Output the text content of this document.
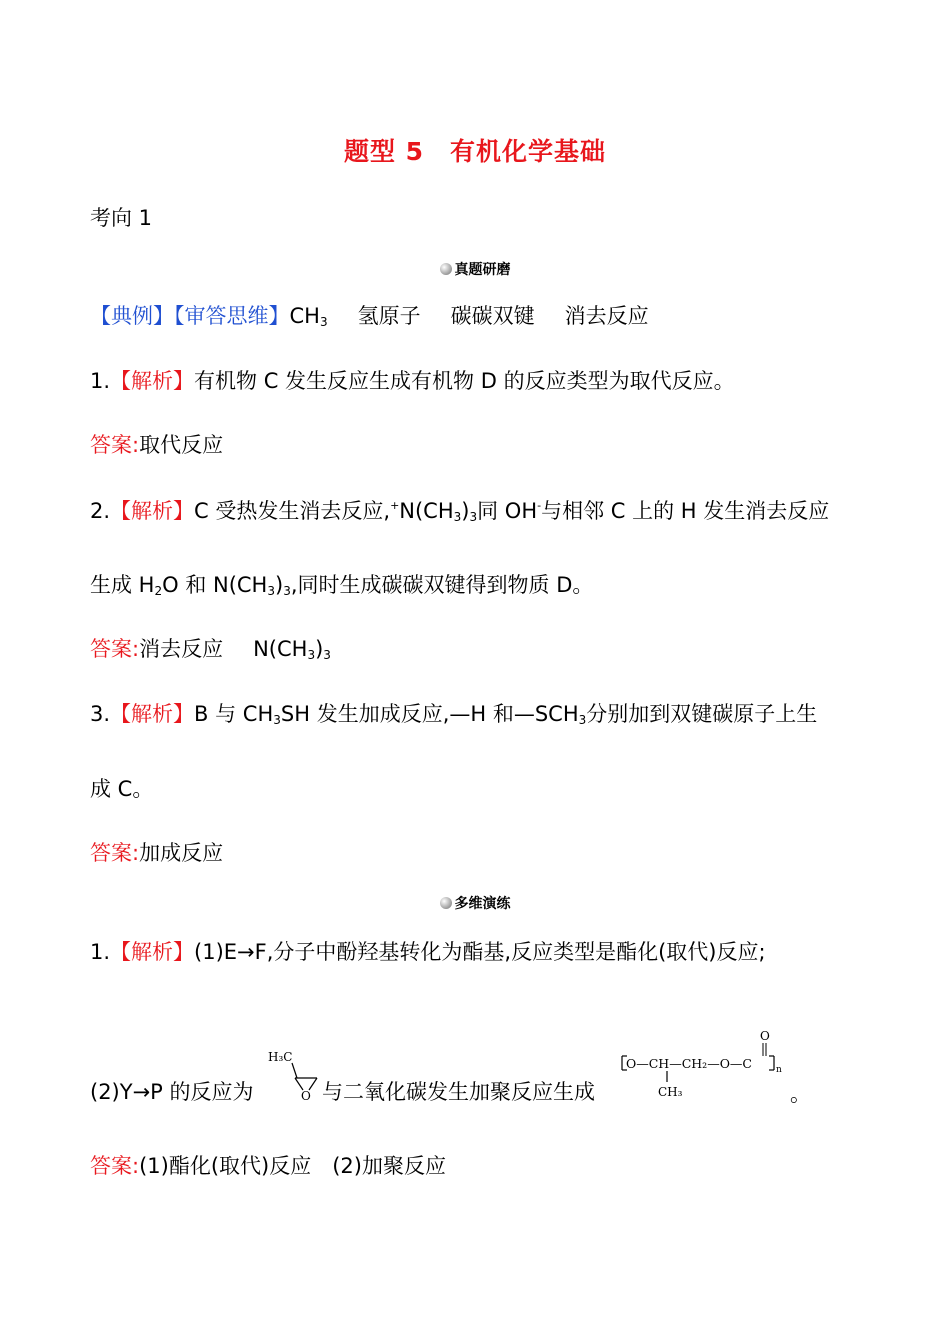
题型 5 有机化学基础
考向 1
真题研磨
【典例】【审答思维】$CH_3$ 氢原子 碳碳双键 消去反应
1.【解析】有机物 C 发生反应生成有机物 D 的反应类型为取代反应。
答案:取代反应
2.【解析】C 受热发生消去反应$,^+N(CH_3)_3$同 OH-与相邻 C 上的 H 发生消去反应
生成 $H_2O$ 和 $N(CH_3)_3$,同时生成碳碳双键得到物质 D。
答案:消去反应 $N(CH_3)_3$
3.【解析】B 与 $CH_3SH$ 发生加成反应,—H 和$—SCH_3$分别加到双键碳原子上生
成 C。
答案:加成反应
多维演练
1.【解析】(1)E→F,分子中酚羟基转化为酯基,反应类型是酯化(取代)反应;
(2)Y→P 的反应为
H₃C
O 与二氧化碳发生加聚反应生成
O—CH—CH₂—O—C
O
n
CH₃	。
答案:(1)酯化(取代)反应　(2)加聚反应
